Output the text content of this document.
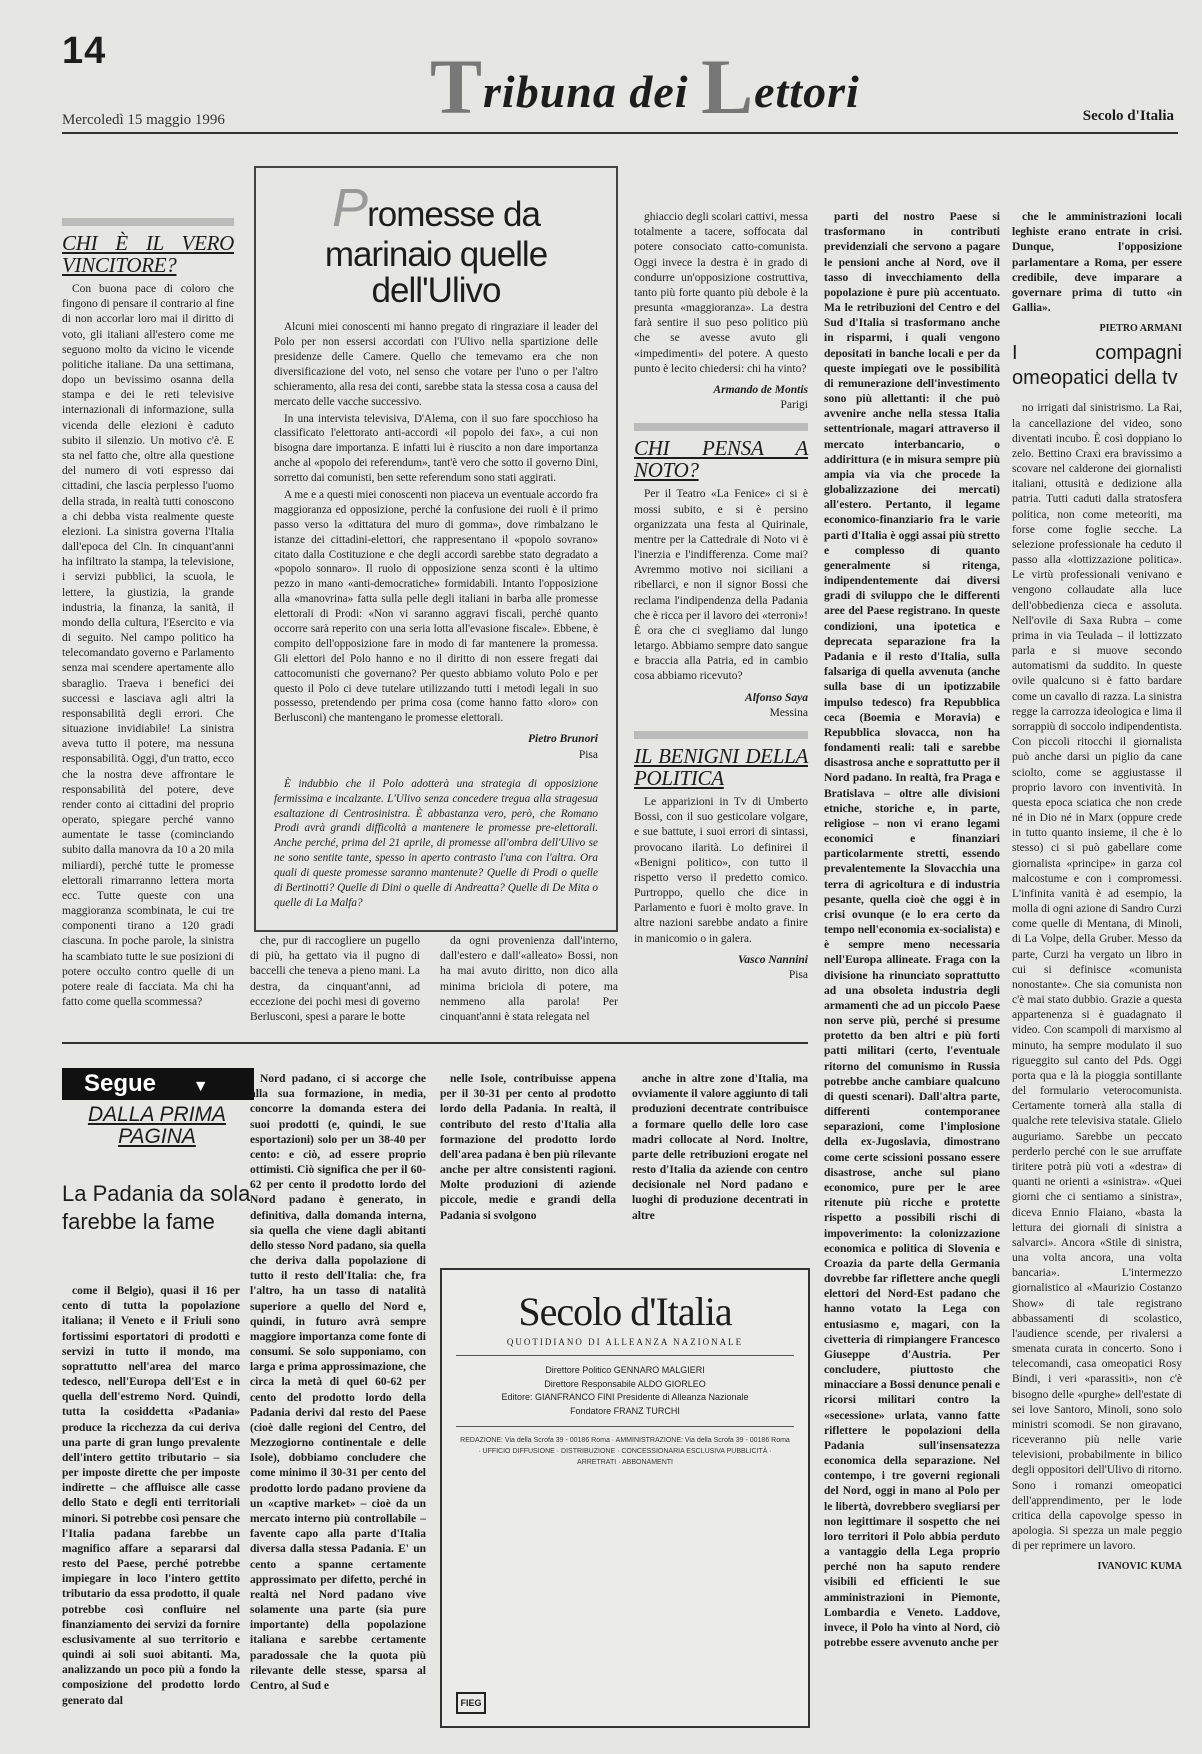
14	Tribuna dei Lettori
Mercoledì 15 maggio 1996	Secolo d'Italia
CHI È IL VERO VINCITORE?

Con buona pace di coloro che fingono di pensare il contrario al fine di non accorlar loro mai il diritto di voto, gli italiani all'estero come me seguono molto da vicino le vicende politiche italiane. Da una settimana, dopo un bevissimo osanna della stampa e dei le reti televisive internazionali di informazione, sulla vicenda delle elezioni è caduto subito il silenzio. Un motivo c'è. E sta nel fatto che, oltre alla questione del numero di voti espresso dai cittadini, che lascia perplesso l'uomo della strada, in realtà tutti conoscono a chi debba vista realmente queste elezioni. La sinistra governa l'Italia dall'epoca del Cln. In cinquant'anni ha infiltrato la stampa, la televisione, i servizi pubblici, la scuola, le lettere, la giustizia, la grande industria, la finanza, la sanità, il mondo della cultura, l'Esercito e via di seguito. Nel campo politico ha telecomandato governo e Parlamento senza mai scendere apertamente allo sbaraglio. Traeva i benefici dei successi e lasciava agli altri la responsabilità degli errori. Che situazione invidiabile! La sinistra aveva tutto il potere, ma nessuna responsabilità. Oggi, d'un tratto, ecco che la nostra deve affrontare le responsabilità del potere, deve render conto ai cittadini del proprio operato, spiegare perché vanno aumentate le tasse (cominciando subito dalla manovra da 10 a 20 mila miliardi), perché tutte le promesse elettorali rimarranno lettera morta ecc. Tutte queste con una maggioranza scombinata, le cui tre componenti tirano a 120 gradi ciascuna. In poche parole, la sinistra ha scambiato tutte le sue posizioni di potere occulto contro quelle di un potere reale di facciata. Ma chi ha fatto come quella scommessa?

Promesse da marinaio quelle dell'Ulivo

Alcuni miei conoscenti mi hanno pregato di ringraziare il leader del Polo per non essersi accordati con l'Ulivo nella spartizione delle presidenze delle Camere. Quello che temevamo era che non diversificazione del voto, nel senso che votare per l'uno o per l'altro schieramento, alla resa dei conti, sarebbe stata la stessa cosa a causa del mercato delle vacche successivo.

In una intervista televisiva, D'Alema, con il suo fare spocchioso ha classificato l'elettorato anti-accordi «il popolo dei fax», a cui non bisogna dare importanza. E infatti lui è riuscito a non dare importanza anche al «popolo dei referendum», tant'è vero che sotto il governo Dini, sorretto dai comunisti, ben sette referendum sono stati aggirati.

A me e a questi miei conoscenti non piaceva un eventuale accordo fra maggioranza ed opposizione, perché la confusione dei ruoli è il primo passo verso la «dittatura del muro di gomma», dove rimbalzano le istanze dei cittadini-elettori, che rappresentano il «popolo sovrano» citato dalla Costituzione e che degli accordi sarebbe stato degradato a «popolo sonnaro». Il ruolo di opposizione senza sconti è la ultimo pezzo in mano «anti-democratiche» formidabili. Intanto l'opposizione alla «manovrina» fatta sulla pelle degli italiani in barba alle promesse elettorali di Prodi: «Non vi saranno aggravi fiscali, perché quanto occorre sarà reperito con una seria lotta all'evasione fiscale». Ebbene, è compito dell'opposizione fare in modo di far mantenere la promessa. Gli elettori del Polo hanno e no il diritto di non essere fregati dai cattocomunisti che governano? Per questo abbiamo voluto Polo e per questo il Polo ci deve tutelare utilizzando tutti i metodi legali in suo possesso, pretendendo per prima cosa (come hanno fatto «loro» con Berlusconi) che mantengano le promesse elettorali.

Pietro Brunori
Pisa

È indubbio che il Polo adotterà una strategia di opposizione fermissima e incalzante. L'Ulivo senza concedere tregua alla stragesua esaltazione di Centrosinistra. È abbastanza vero, però, che Romano Prodi avrà grandi difficoltà a mantenere le promesse pre-elettorali. Anche perché, prima del 21 aprile, di promesse all'ombra dell'Ulivo se ne sono sentite tante, spesso in aperto contrasto l'una con l'altra. Ora quali di queste promesse saranno mantenute? Quelle di Prodi o quelle di Bertinotti? Quelle di Dini o quelle di Andreatta? Quelle di De Mita o quelle di La Malfa?

che, pur di raccogliere un pugello di più, ha gettato via il pugno di baccelli che teneva a pieno mani. La destra, da cinquant'anni, ad eccezione dei pochi mesi di governo Berlusconi, spesi a parare le botte

da ogni provenienza dall'interno, dall'estero e dall'«alleato» Bossi, non ha mai avuto diritto, non dico alla minima briciola di potere, ma nemmeno alla parola! Per cinquant'anni è stata relegata nel

ghiaccio degli scolari cattivi, messa totalmente a tacere, soffocata dal potere consociato catto-comunista. Oggi invece la destra è in grado di condurre un'opposizione costruttiva, tanto più forte quanto più debole è la presunta «maggioranza». La destra farà sentire il suo peso politico più che se avesse avuto gli «impedimenti» del potere. A questo punto è lecito chiedersi: chi ha vinto?

Armando de Montis
Parigi
CHI PENSA A NOTO?

Per il Teatro «La Fenice» ci si è mossi subito, e si è persino organizzata una festa al Quirinale, mentre per la Cattedrale di Noto vi è l'inerzia e l'indifferenza. Come mai? Avremmo motivo noi siciliani a ribellarci, e non il signor Bossi che reclama l'indipendenza della Padania che è ricca per il lavoro dei «terroni»! È ora che ci svegliamo dal lungo letargo. Abbiamo sempre dato sangue e braccia alla Patria, ed in cambio cosa abbiamo ricevuto?

Alfonso Saya
Messina
IL BENIGNI DELLA POLITICA

Le apparizioni in Tv di Umberto Bossi, con il suo gesticolare volgare, e sue battute, i suoi errori di sintassi, provocano ilarità. Lo definirei il «Benigni politico», con tutto il rispetto verso il predetto comico. Purtroppo, quello che dice in Parlamento e fuori è molto grave. In altre nazioni sarebbe andato a finire in manicomio o in galera.

Vasco Nannini
Pisa

parti del nostro Paese si trasformano in contributi previdenziali che servono a pagare le pensioni anche al Nord, ove il tasso di invecchiamento della popolazione è pure più accentuato. Ma le retribuzioni del Centro e del Sud d'Italia si trasformano anche in risparmi, i quali vengono depositati in banche locali e per da queste impiegati ove le possibilità di remunerazione dell'investimento sono più allettanti: il che può avvenire anche nella stessa Italia settentrionale, magari attraverso il mercato interbancario, o addirittura (e in misura sempre più ampia via via che procede la globalizzazione dei mercati) all'estero. Pertanto, il legame economico-finanziario fra le varie parti d'Italia è oggi assai più stretto e complesso di quanto generalmente si ritenga, indipendentemente dai diversi gradi di sviluppo che le differenti aree del Paese registrano. In queste condizioni, una ipotetica e deprecata separazione fra la Padania e il resto d'Italia, sulla falsariga di quella avvenuta (anche sulla base di un ipotizzabile impulso tedesco) fra Repubblica ceca (Boemia e Moravia) e Repubblica slovacca, non ha fondamenti reali: tali e sarebbe disastrosa anche e soprattutto per il Nord padano. In realtà, fra Praga e Bratislava – oltre alle divisioni etniche, storiche e, in parte, religiose – non vi erano legami economici e finanziari particolarmente stretti, essendo prevalentemente la Slovacchia una terra di agricoltura e di industria pesante, quella cioè che oggi è in crisi ovunque (e lo era certo da tempo nell'economia ex-socialista) e è sempre meno necessaria nell'Europa allineate. Fraga con la divisione ha rinunciato soprattutto ad una obsoleta industria degli armamenti che ad un piccolo Paese non serve più, perché si presume protetto da ben altri e più forti patti militari (certo, l'eventuale ritorno del comunismo in Russia potrebbe anche cambiare qualcuno di questi scenari). Dall'altra parte, differenti contemporanee separazioni, come l'implosione della ex-Jugoslavia, dimostrano come certe scissioni possano essere disastrose, anche sul piano economico, pure per le aree ritenute più ricche e protette rispetto a possibili rischi di impoverimento: la colonizzazione economica e politica di Slovenia e Croazia da parte della Germania dovrebbe far riflettere anche quegli elettori del Nord-Est padano che hanno votato la Lega con entusiasmo e, magari, con la civetteria di rimpiangere Francesco Giuseppe d'Austria. Per concludere, piuttosto che minacciare a Bossi denunce penali e ricorsi militari contro la «secessione» urlata, vanno fatte riflettere le popolazioni della Padania sull'insensatezza economica della separazione. Nel contempo, i tre governi regionali del Nord, oggi in mano al Polo per le libertà, dovrebbero svegliarsi per non legittimare il sospetto che nei loro territori il Polo abbia perduto a vantaggio della Lega proprio perché non ha saputo rendere visibili ed efficienti le sue amministrazioni in Piemonte, Lombardia e Veneto. Laddove, invece, il Polo ha vinto al Nord, ciò potrebbe essere avvenuto anche per

che le amministrazioni locali leghiste erano entrate in crisi. Dunque, l'opposizione parlamentare a Roma, per essere credibile, deve imparare a governare prima di tutto «in Gallia».

PIETRO ARMANI
I compagni omeopatici della tv

no irrigati dal sinistrismo. La Rai, la cancellazione del video, sono diventati incubo. È così doppiano lo zelo. Bettino Craxi era bravissimo a scovare nel calderone dei giornalisti italiani, ottusità e dedizione alla patria. Tutti caduti dalla stratosfera politica, non come meteoriti, ma forse come foglie secche. La selezione professionale ha ceduto il passo alla «lottizzazione politica». Le virtù professionali venivano e vengono collaudate alla luce dell'obbedienza cieca e assoluta. Nell'ovile di Saxa Rubra – come prima in via Teulada – il lottizzato parla e si muove secondo automatismi da suddito. In queste ovile qualcuno si è fatto bardare come un cavallo di razza. La sinistra regge la carrozza ideologica e lima il sorrappiù di soccolo indipendentista. Con piccoli ritocchi il giornalista può anche darsi un piglio da cane sciolto, come se aggiustasse il proprio lavoro con inventività. In questa epoca sciatica che non crede né in Dio né in Marx (oppure crede in tutto quanto insieme, il che è lo stesso) ci si può gabellare come giornalista «principe» in garza col malcostume e con i compromessi. L'infinita vanità è ad esempio, la molla di ogni azione di Sandro Curzi come quelle di Mentana, di Minoli, di La Volpe, della Gruber. Messo da parte, Curzi ha vergato un libro in cui si definisce «comunista nonostante». Che sia comunista non c'è mai stato dubbio. Grazie a questa appartenenza si è guadagnato il video. Con scampoli di marxismo al minuto, ha sempre modulato il suo rigueggito sul canto del Pds. Oggi porta qua e là la pioggia sontillante del formulario veterocomunista. Certamente tornerà alla stalla di qualche rete televisiva statale. Glielo auguriamo. Sarebbe un peccato perderlo perché con le sue arruffate tiritere potrà più voti a «destra» di quanti ne orienti a «sinistra». «Quei giorni che ci sentiamo a sinistra», diceva Ennio Flaiano, «basta la lettura dei giornali di sinistra a salvarci». Ancora «Stile di sinistra, una volta ancora, una volta bancaria». L'intermezzo giornalistico al «Maurizio Costanzo Show» di tale registrano abbassamenti di scolastico, l'audience scende, per rivalersi a smenata curata in concerto. Sono i telecomandi, casa omeopatici Rosy Bindi, i veri «parassiti», non c'è bisogno delle «purghe» dell'estate di sei love Santoro, Minoli, sono solo ministri scomodi. Se non giravano, riceveranno più nelle varie televisioni, probabilmente in bilico degli oppositori dell'Ulivo di ritorno. Sono i romanzi omeopatici dell'apprendimento, per le lode critica della capovolge spesso in apologia. Si spezza un male peggio di per reprimere un lavoro.

IVANOVIC KUMA
Segue ▼
DALLA PRIMA PAGINA
La Padania da sola farebbe la fame

come il Belgio), quasi il 16 per cento di tutta la popolazione italiana; il Veneto e il Friuli sono fortissimi esportatori di prodotti e servizi in tutto il mondo, ma soprattutto nell'area del marco tedesco, nell'Europa dell'Est e in quella dell'estremo Nord. Quindi, tutta la cosiddetta «Padania» produce la ricchezza da cui deriva una parte di gran lungo prevalente dell'intero gettito tributario – sia per imposte dirette che per imposte indirette – che affluisce alle casse dello Stato e degli enti territoriali minori. Si potrebbe così pensare che l'Italia padana farebbe un magnifico affare a separarsi dal resto del Paese, perché potrebbe impiegare in loco l'intero gettito tributario da essa prodotto, il quale potrebbe così confluire nel finanziamento dei servizi da fornire esclusivamente al suo territorio e quindi ai soli suoi abitanti. Ma, analizzando un poco più a fondo la composizione del prodotto lordo generato dal

Nord padano, ci si accorge che alla sua formazione, in media, concorre la domanda estera dei suoi prodotti (e, quindi, le sue esportazioni) solo per un 38-40 per cento: e ciò, ad essere proprio ottimisti. Ciò significa che per il 60-62 per cento il prodotto lordo del Nord padano è generato, in definitiva, dalla domanda interna, sia quella che viene dagli abitanti dello stesso Nord padano, sia quella che deriva dalla popolazione di tutto il resto dell'Italia: che, fra l'altro, ha un tasso di natalità superiore a quello del Nord e, quindi, in futuro avrà sempre maggiore importanza come fonte di consumi. Se solo supponiamo, con larga e prima approssimazione, che circa la metà di quel 60-62 per cento del prodotto lordo della Padania derivi dal resto del Paese (cioè dalle regioni del Centro, del Mezzogiorno continentale e delle Isole), dobbiamo concludere che come minimo il 30-31 per cento del prodotto lordo padano proviene da un «captive market» – cioè da un mercato interno più controllabile – favente capo alla parte d'Italia diversa dalla stessa Padania. E' un cento a spanne certamente approssimato per difetto, perché in realtà nel Nord padano vive solamente una parte (sia pure importante) della popolazione italiana e sarebbe certamente paradossale che la quota più rilevante delle stesse, sparsa al Centro, al Sud e

nelle Isole, contribuisse appena per il 30-31 per cento al prodotto lordo della Padania. In realtà, il contributo del resto d'Italia alla formazione del prodotto lordo dell'area padana è ben più rilevante anche per altre consistenti ragioni. Molte produzioni di aziende piccole, medie e grandi della Padania si svolgono

anche in altre zone d'Italia, ma ovviamente il valore aggiunto di tali produzioni decentrate contribuisce a formare quello delle loro case madri collocate al Nord. Inoltre, parte delle retribuzioni erogate nel resto d'Italia da aziende con centro decisionale nel Nord padano e luoghi di produzione decentrati in altre

Secolo d'Italia
QUOTIDIANO DI ALLEANZA NAZIONALE
Direttore Politico GENNARO MALGIERI
Direttore Responsabile ALDO GIORLEO
Editore: GIANFRANCO FINI Presidente di Alleanza Nazionale
Fondatore FRANZ TURCHI
REDAZIONE: Via della Scrofa 39 - 00186 Roma · AMMINISTRAZIONE: Via della Scrofa 39 - 00186 Roma · UFFICIO DIFFUSIONE · DISTRIBUZIONE · CONCESSIONARIA ESCLUSIVA PUBBLICITÀ · ARRETRATI · ABBONAMENTI
FIEG
